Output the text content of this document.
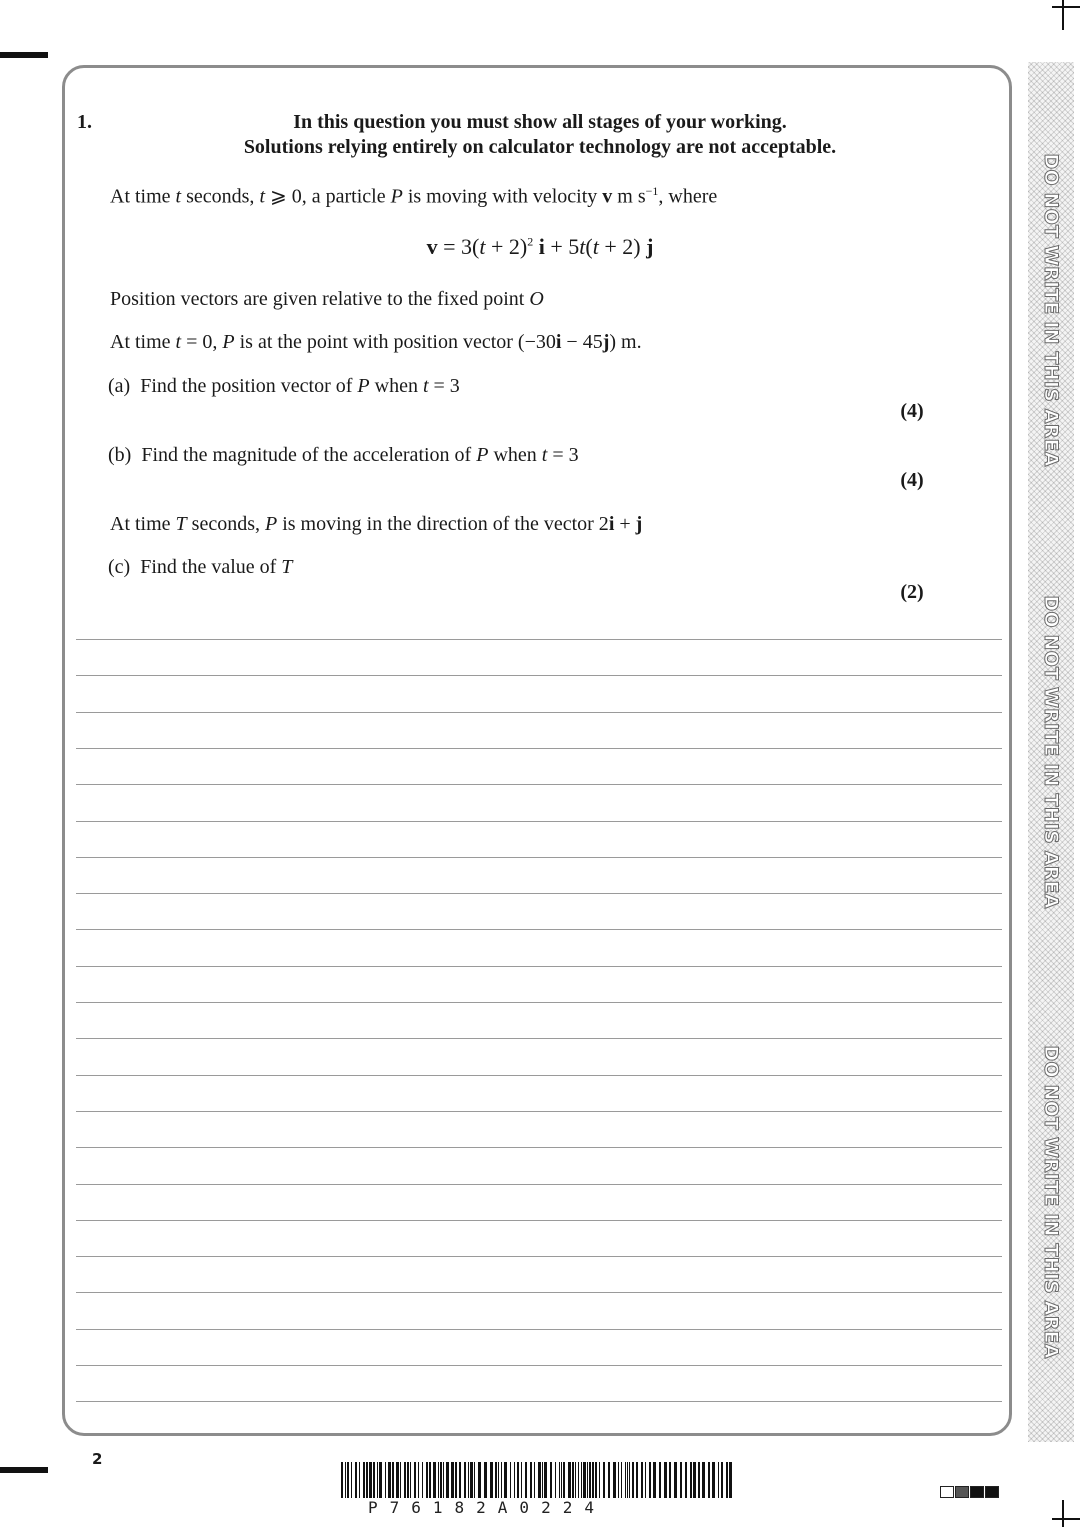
1.	In this question you must show all stages of your working.
Solutions relying entirely on calculator technology are not acceptable.
At time t seconds, t ⩾ 0, a particle P is moving with velocity v m $s^{-1}$, where
$v = 3(t + 2)^2$ i + 5t(t + 2) j
Position vectors are given relative to the fixed point O
At time t = 0, P is at the point with position vector (−30i − 45j) m.
(a) Find the position vector of P when t = 3
(4)
(b) Find the magnitude of the acceleration of P when t = 3
(4)
At time T seconds, P is moving in the direction of the vector 2i + j
(c) Find the value of T
(2)
DO NOT WRITE IN THIS AREA
DO NOT WRITE IN THIS AREA
DO NOT WRITE IN THIS AREA
2
P76182A0224
